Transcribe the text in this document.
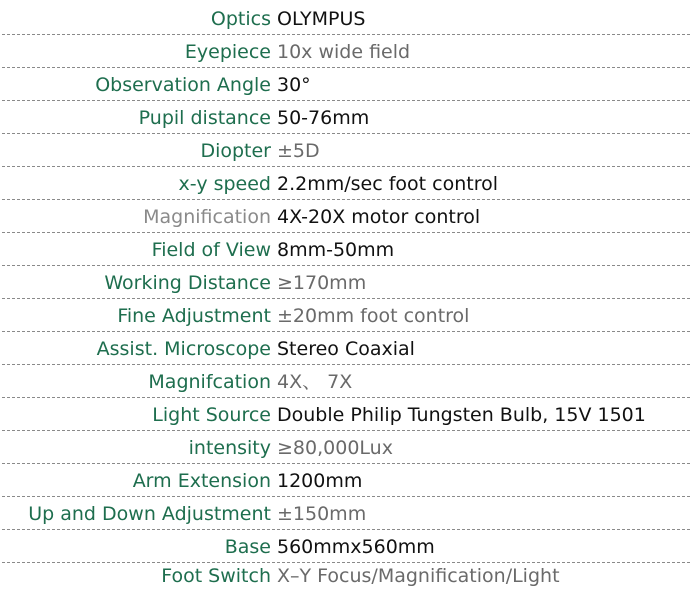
Optics OLYMPUS
Eyepiece 10x wide field
Observation Angle 30°
Pupil distance 50-76mm
Diopter ±5D
x-y speed 2.2mm/sec foot control
Magnification 4X-20X motor control
Field of View 8mm-50mm
Working Distance ≥170mm
Fine Adjustment ±20mm foot control
Assist. Microscope Stereo Coaxial
Magnifcation 4X、 7X
Light Source Double Philip Tungsten Bulb, 15V 1501
intensity ≥80,000Lux
Arm Extension 1200mm
Up and Down Adjustment ±150mm
Base 560mmx560mm
Foot Switch X–Y Focus/Magnification/Light
